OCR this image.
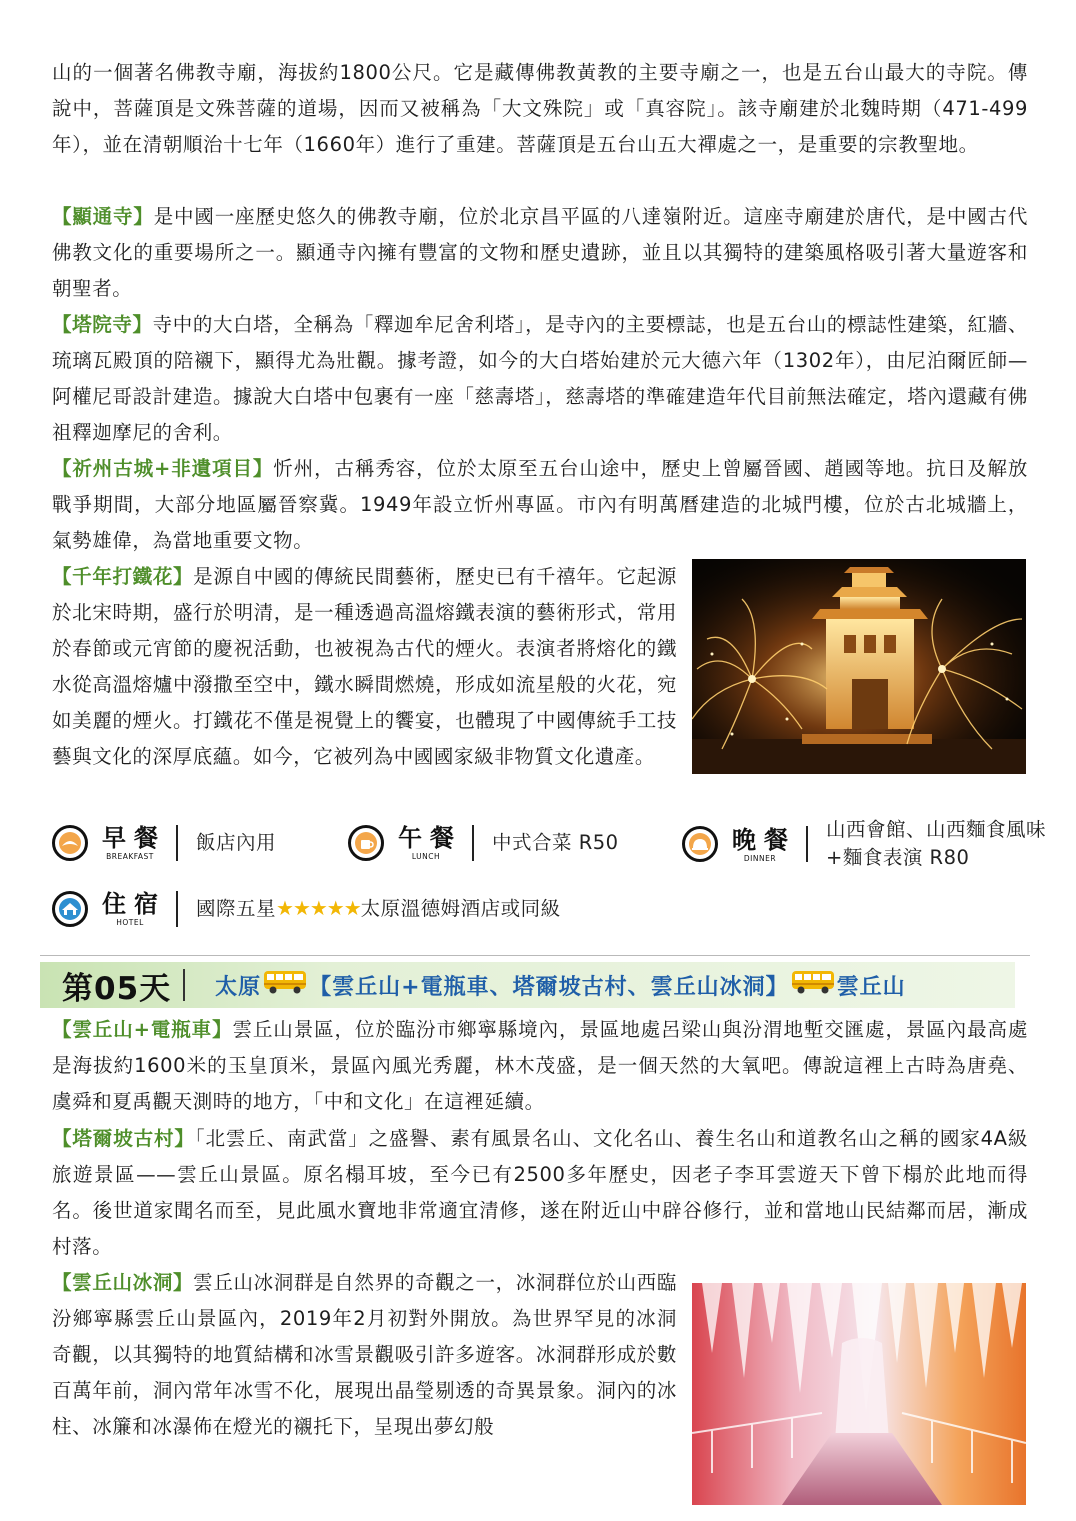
山的一個著名佛教寺廟，海拔約1800公尺。它是藏傳佛教黃教的主要寺廟之一，也是五台山最大的寺院。傳說中，菩薩頂是文殊菩薩的道場，因而又被稱為「大文殊院」或「真容院」。該寺廟建於北魏時期（471-499年），並在清朝順治十七年（1660年）進行了重建。菩薩頂是五台山五大禪處之一，是重要的宗教聖地。

【顯通寺】是中國一座歷史悠久的佛教寺廟，位於北京昌平區的八達嶺附近。這座寺廟建於唐代，是中國古代佛教文化的重要場所之一。顯通寺內擁有豐富的文物和歷史遺跡，並且以其獨特的建築風格吸引著大量遊客和朝聖者。

【塔院寺】寺中的大白塔，全稱為「釋迦牟尼舍利塔」，是寺內的主要標誌，也是五台山的標誌性建築，紅牆、琉璃瓦殿頂的陪襯下，顯得尤為壯觀。據考證，如今的大白塔始建於元大德六年（1302年），由尼泊爾匠師—阿權尼哥設計建造。據說大白塔中包裹有一座「慈壽塔」，慈壽塔的準確建造年代目前無法確定，塔內還藏有佛祖釋迦摩尼的舍利。

【祈州古城+非遺項目】忻州，古稱秀容，位於太原至五台山途中，歷史上曾屬晉國、趙國等地。抗日及解放戰爭期間，大部分地區屬晉察冀。1949年設立忻州專區。市內有明萬曆建造的北城門樓，位於古北城牆上，氣勢雄偉，為當地重要文物。

【千年打鐵花】是源自中國的傳統民間藝術，歷史已有千禧年。它起源於北宋時期，盛行於明清，是一種透過高溫熔鐵表演的藝術形式，常用於春節或元宵節的慶祝活動，也被視為古代的煙火。表演者將熔化的鐵水從高溫熔爐中潑撒至空中，鐵水瞬間燃燒，形成如流星般的火花，宛如美麗的煙火。打鐵花不僅是視覺上的饗宴，也體現了中國傳統手工技藝與文化的深厚底蘊。如今，它被列為中國國家級非物質文化遺產。

早餐
BREAKFAST
飯店內用	午餐
LUNCH
中式合菜 R50	晚餐
DINNER
山西會館、山西麵食風味+麵食表演 R80
住宿
HOTEL
國際五星★★★★★太原溫德姆酒店或同級
第05天 太原 【雲丘山+電瓶車、塔爾坡古村、雲丘山冰洞】 雲丘山

【雲丘山+電瓶車】雲丘山景區，位於臨汾市鄉寧縣境內，景區地處呂梁山與汾渭地塹交匯處，景區內最高處是海拔約1600米的玉皇頂米，景區內風光秀麗，林木茂盛，是一個天然的大氧吧。傳說這裡上古時為唐堯、虞舜和夏禹觀天測時的地方，「中和文化」在這裡延續。

【塔爾坡古村】「北雲丘、南武當」之盛譽、素有風景名山、文化名山、養生名山和道教名山之稱的國家4A級旅遊景區——雲丘山景區。原名榻耳坡，至今已有2500多年歷史，因老子李耳雲遊天下曾下榻於此地而得名。後世道家聞名而至，見此風水寶地非常適宜清修，遂在附近山中辟谷修行，並和當地山民結鄰而居，漸成村落。

【雲丘山冰洞】雲丘山冰洞群是自然界的奇觀之一，冰洞群位於山西臨汾鄉寧縣雲丘山景區內，2019年2月初對外開放。為世界罕見的冰洞奇觀，以其獨特的地質結構和冰雪景觀吸引許多遊客。冰洞群形成於數百萬年前，洞內常年冰雪不化，展現出晶瑩剔透的奇異景象。洞內的冰柱、冰簾和冰瀑佈在燈光的襯托下，呈現出夢幻般
